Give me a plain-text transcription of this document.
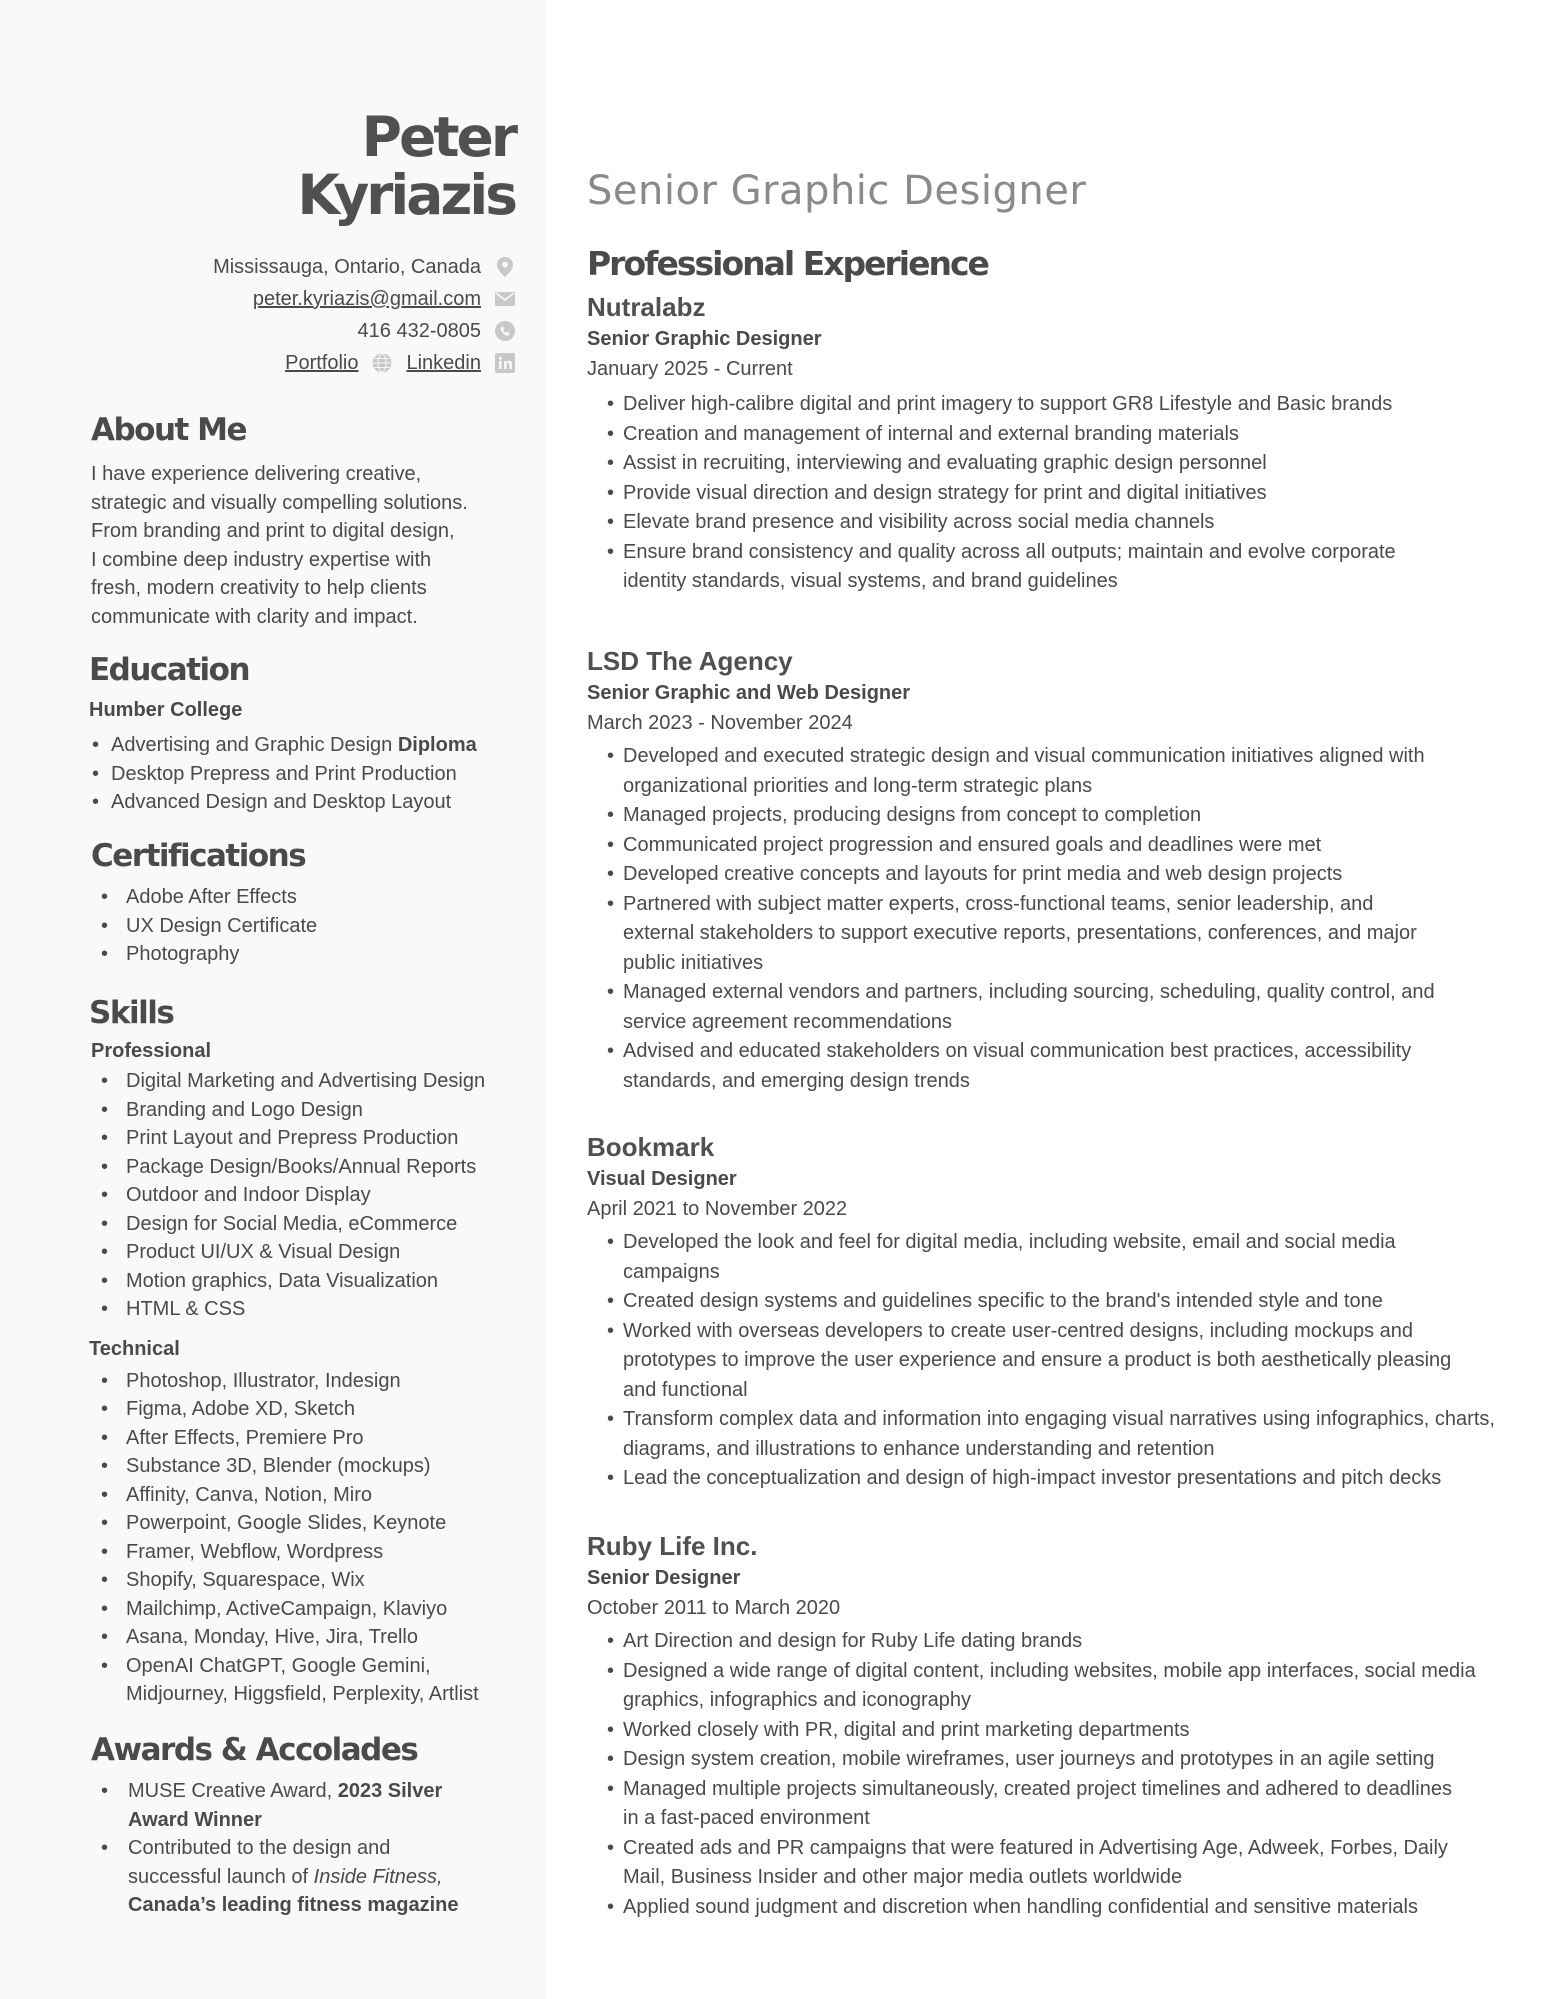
Peter
Kyriazis
Mississauga, Ontario, Canada
peter.kyriazis@gmail.com
416 432-0805
Portfolio Linkedin
About Me

I have experience delivering creative,

strategic and visually compelling solutions.

From branding and print to digital design,

I combine deep industry expertise with

fresh, modern creativity to help clients

communicate with clarity and impact.

Education

Humber College

• Advertising and Graphic Design Diploma
• Desktop Prepress and Print Production
• Advanced Design and Desktop Layout
Certifications
• Adobe After Effects
• UX Design Certificate
• Photography
Skills

Professional

• Digital Marketing and Advertising Design
• Branding and Logo Design
• Print Layout and Prepress Production
• Package Design/Books/Annual Reports
• Outdoor and Indoor Display
• Design for Social Media, eCommerce
• Product UI/UX & Visual Design
• Motion graphics, Data Visualization
• HTML & CSS

Technical

• Photoshop, Illustrator, Indesign
• Figma, Adobe XD, Sketch
• After Effects, Premiere Pro
• Substance 3D, Blender (mockups)
• Affinity, Canva, Notion, Miro
• Powerpoint, Google Slides, Keynote
• Framer, Webflow, Wordpress
• Shopify, Squarespace, Wix
• Mailchimp, ActiveCampaign, Klaviyo
• Asana, Monday, Hive, Jira, Trello
• OpenAI ChatGPT, Google Gemini,
Midjourney, Higgsfield, Perplexity, Artlist
Awards & Accolades
• MUSE Creative Award, 2023 Silver
Award Winner
• Contributed to the design and
successful launch of Inside Fitness,
Canada’s leading fitness magazine
Senior Graphic Designer
Professional Experience

Nutralabz

Senior Graphic Designer
January 2025 - Current
• Deliver high-calibre digital and print imagery to support GR8 Lifestyle and Basic brands
• Creation and management of internal and external branding materials
• Assist in recruiting, interviewing and evaluating graphic design personnel
• Provide visual direction and design strategy for print and digital initiatives
• Elevate brand presence and visibility across social media channels
• Ensure brand consistency and quality across all outputs; maintain and evolve corporate identity standards, visual systems, and brand guidelines

LSD The Agency

Senior Graphic and Web Designer
March 2023 - November 2024
• Developed and executed strategic design and visual communication initiatives aligned with organizational priorities and long-term strategic plans
• Managed projects, producing designs from concept to completion
• Communicated project progression and ensured goals and deadlines were met
• Developed creative concepts and layouts for print media and web design projects
• Partnered with subject matter experts, cross-functional teams, senior leadership, and external stakeholders to support executive reports, presentations, conferences, and major public initiatives
• Managed external vendors and partners, including sourcing, scheduling, quality control, and service agreement recommendations
• Advised and educated stakeholders on visual communication best practices, accessibility standards, and emerging design trends

Bookmark

Visual Designer
April 2021 to November 2022
• Developed the look and feel for digital media, including website, email and social media campaigns
• Created design systems and guidelines specific to the brand's intended style and tone
• Worked with overseas developers to create user-centred designs, including mockups and prototypes to improve the user experience and ensure a product is both aesthetically pleasing and functional
• Transform complex data and information into engaging visual narratives using infographics, charts, diagrams, and illustrations to enhance understanding and retention
• Lead the conceptualization and design of high-impact investor presentations and pitch decks

Ruby Life Inc.

Senior Designer
October 2011 to March 2020
• Art Direction and design for Ruby Life dating brands
• Designed a wide range of digital content, including websites, mobile app interfaces, social media graphics, infographics and iconography
• Worked closely with PR, digital and print marketing departments
• Design system creation, mobile wireframes, user journeys and prototypes in an agile setting
• Managed multiple projects simultaneously, created project timelines and adhered to deadlines in a fast-paced environment
• Created ads and PR campaigns that were featured in Advertising Age, Adweek, Forbes, Daily Mail, Business Insider and other major media outlets worldwide
• Applied sound judgment and discretion when handling confidential and sensitive materials
